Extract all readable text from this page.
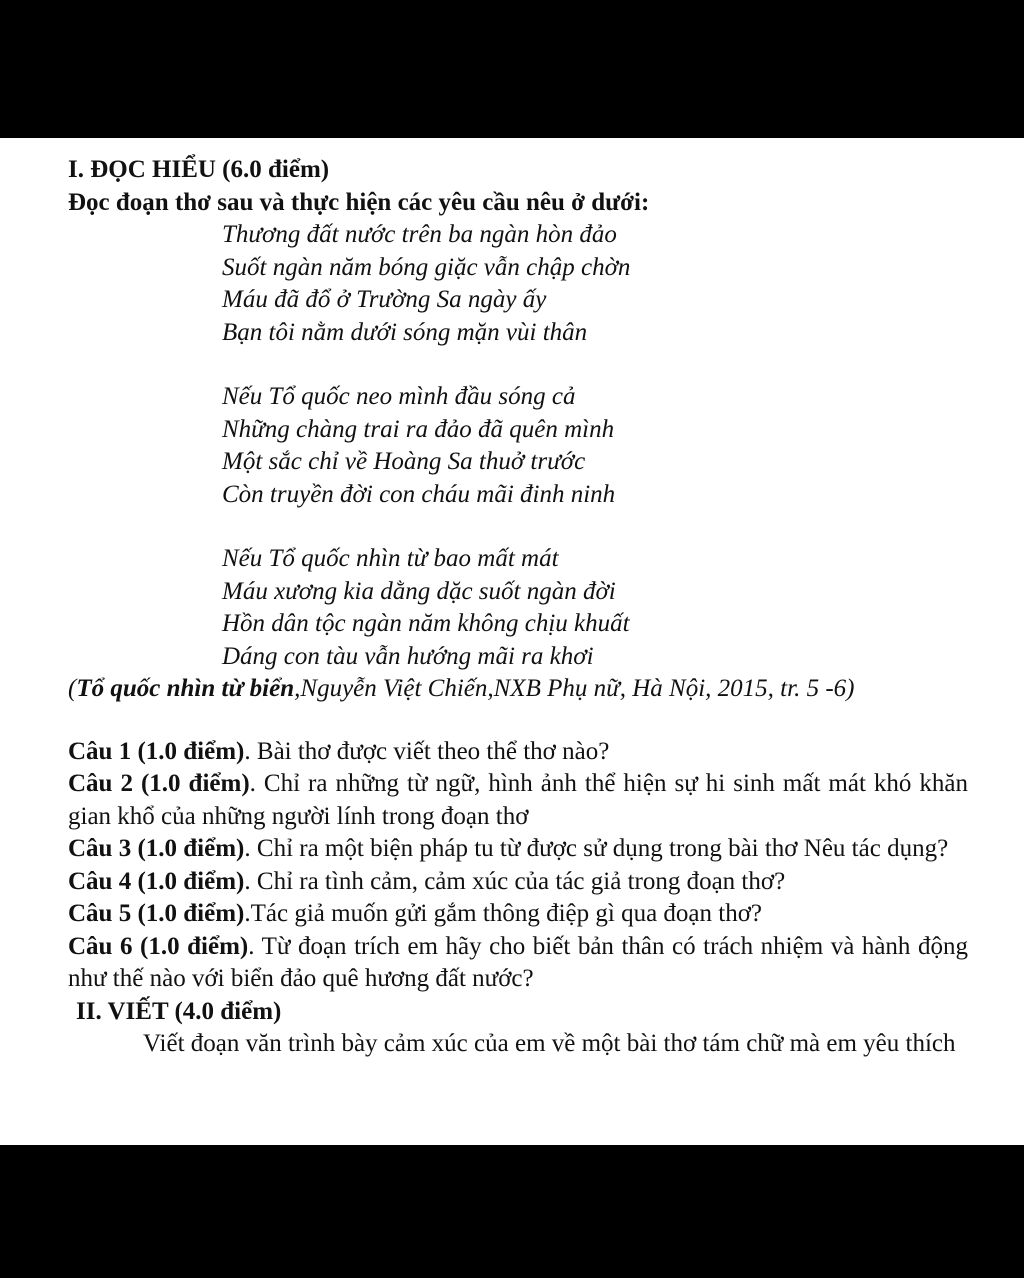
I. ĐỌC HIỂU (6.0 điểm)
Đọc đoạn thơ sau và thực hiện các yêu cầu nêu ở dưới:
Thương đất nước trên ba ngàn hòn đảo
Suốt ngàn năm bóng giặc vẫn chập chờn
Máu đã đổ ở Trường Sa ngày ấy
Bạn tôi nằm dưới sóng mặn vùi thân
Nếu Tổ quốc neo mình đầu sóng cả
Những chàng trai ra đảo đã quên mình
Một sắc chỉ về Hoàng Sa thuở trước
Còn truyền đời con cháu mãi đinh ninh
Nếu Tổ quốc nhìn từ bao mất mát
Máu xương kia dằng dặc suốt ngàn đời
Hồn dân tộc ngàn năm không chịu khuất
Dáng con tàu vẫn hướng mãi ra khơi
(Tổ quốc nhìn từ biển,Nguyễn Việt Chiến,NXB Phụ nữ, Hà Nội, 2015, tr. 5 -6)
Câu 1 (1.0 điểm). Bài thơ được viết theo thể thơ nào?
Câu 2 (1.0 điểm). Chỉ ra những từ ngữ, hình ảnh thể hiện sự hi sinh mất mát khó khăn gian khổ của những người lính trong đoạn thơ
Câu 3 (1.0 điểm). Chỉ ra một biện pháp tu từ được sử dụng trong bài thơ Nêu tác dụng?
Câu 4 (1.0 điểm). Chỉ ra tình cảm, cảm xúc của tác giả trong đoạn thơ?
Câu 5 (1.0 điểm).Tác giả muốn gửi gắm thông điệp gì qua đoạn thơ?
Câu 6 (1.0 điểm). Từ đoạn trích em hãy cho biết bản thân có trách nhiệm và hành động như thế nào với biển đảo quê hương đất nước?
II. VIẾT (4.0 điểm)
Viết đoạn văn trình bày cảm xúc của em về một bài thơ tám chữ mà em yêu thích
